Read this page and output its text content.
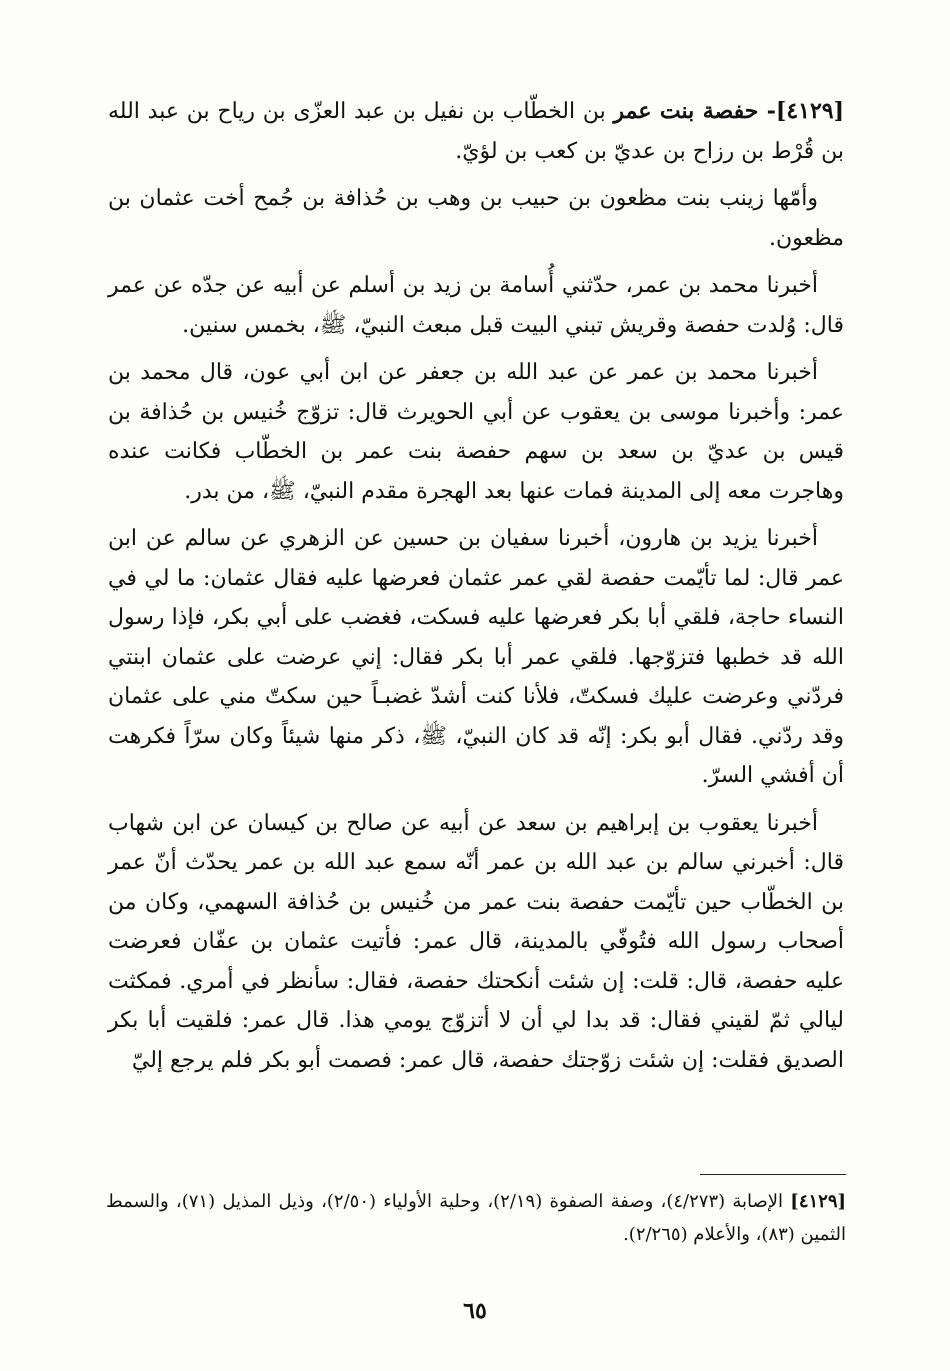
[٤١٢٩]- حفصة بنت عمر بن الخطّاب بن نفيل بن عبد العزّى بن رياح بن عبد الله بن قُرْط بن رزاح بن عديّ بن كعب بن لؤيّ.

وأمّها زينب بنت مظعون بن حبيب بن وهب بن حُذافة بن جُمح أخت عثمان بن مظعون.

أخبرنا محمد بن عمر، حدّثني أُسامة بن زيد بن أسلم عن أبيه عن جدّه عن عمر قال: وُلدت حفصة وقريش تبني البيت قبل مبعث النبيّ، ﷺ، بخمس سنين.

أخبرنا محمد بن عمر عن عبد الله بن جعفر عن ابن أبي عون، قال محمد بن عمر: وأخبرنا موسى بن يعقوب عن أبي الحويرث قال: تزوّج خُنيس بن حُذافة بن قيس بن عديّ بن سعد بن سهم حفصة بنت عمر بن الخطّاب فكانت عنده وهاجرت معه إلى المدينة فمات عنها بعد الهجرة مقدم النبيّ، ﷺ، من بدر.

أخبرنا يزيد بن هارون، أخبرنا سفيان بن حسين عن الزهري عن سالم عن ابن عمر قال: لما تأيّمت حفصة لقي عمر عثمان فعرضها عليه فقال عثمان: ما لي في النساء حاجة، فلقي أبا بكر فعرضها عليه فسكت، فغضب على أبي بكر، فإذا رسول الله قد خطبها فتزوّجها. فلقي عمر أبا بكر فقال: إني عرضت على عثمان ابنتي فردّني وعرضت عليك فسكتّ، فلأنا كنت أشدّ غضبـاً حين سكتّ مني على عثمان وقد ردّني. فقال أبو بكر: إنّه قد كان النبيّ، ﷺ، ذكر منها شيئاً وكان سرّاً فكرهت أن أفشي السرّ.

أخبرنا يعقوب بن إبراهيم بن سعد عن أبيه عن صالح بن كيسان عن ابن شهاب قال: أخبرني سالم بن عبد الله بن عمر أنّه سمع عبد الله بن عمر يحدّث أنّ عمر بن الخطّاب حين تأيّمت حفصة بنت عمر من خُنيس بن حُذافة السهمي، وكان من أصحاب رسول الله فتُوفّي بالمدينة، قال عمر: فأتيت عثمان بن عفّان فعرضت عليه حفصة، قال: قلت: إن شئت أنكحتك حفصة، فقال: سأنظر في أمري. فمكثت ليالي ثمّ لقيني فقال: قد بدا لي أن لا أتزوّج يومي هذا. قال عمر: فلقيت أبا بكر الصديق فقلت: إن شئت زوّجتك حفصة، قال عمر: فصمت أبو بكر فلم يرجع إليّ

[٤١٢٩] الإصابة (٤/٢٧٣)، وصفة الصفوة (٢/١٩)، وحلية الأولياء (٢/٥٠)، وذيل المذيل (٧١)، والسمط الثمين (٨٣)، والأعلام (٢/٢٦٥).
٦٥
